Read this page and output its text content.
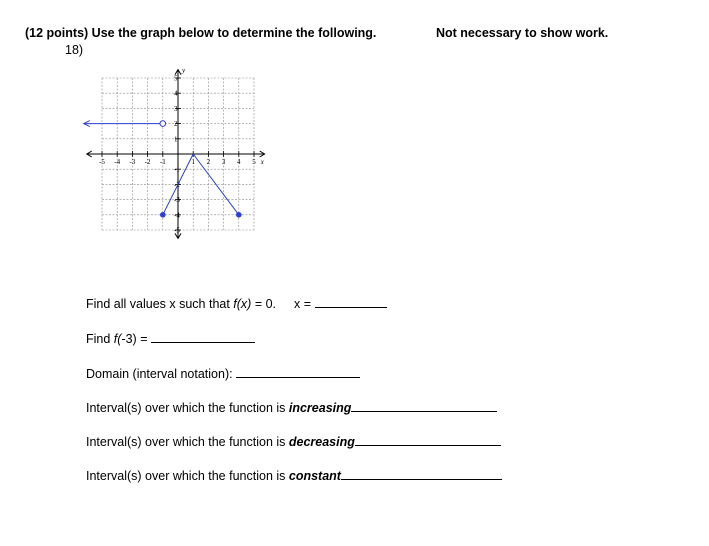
(12 points) Use the graph below to determine the following.	Not necessary to show work.
18)
-5 -4 -3 -2 -1	1 2 3 4 5
5
4
3
2
1
-1
-2
-3
-4
-5
x
y
Find all values x such that f(x) = 0. x =
Find f(-3) =
Domain (interval notation):
Interval(s) over which the function is increasing
Interval(s) over which the function is decreasing
Interval(s) over which the function is constant
